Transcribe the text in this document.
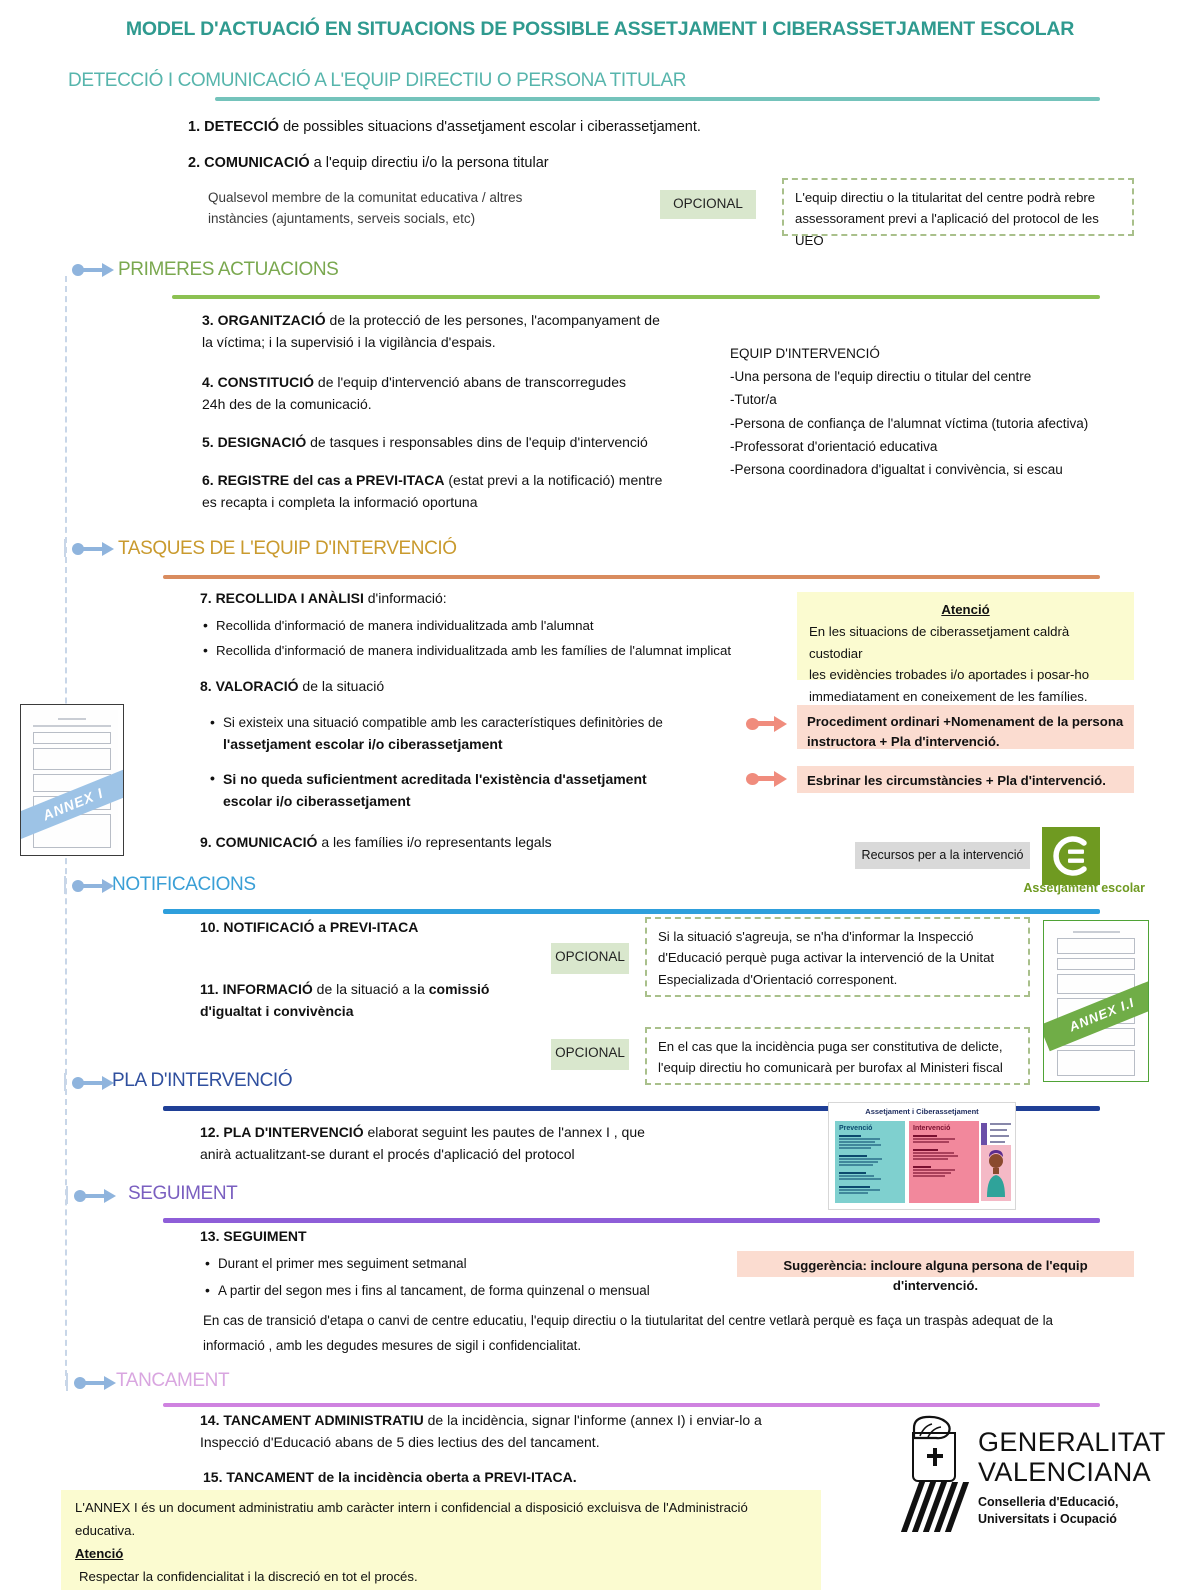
MODEL D'ACTUACIÓ EN SITUACIONS DE POSSIBLE ASSETJAMENT I CIBERASSETJAMENT ESCOLAR
DETECCIÓ I COMUNICACIÓ A L'EQUIP DIRECTIU O PERSONA TITULAR
1. DETECCIÓ de possibles situacions d'assetjament escolar i ciberassetjament.
2. COMUNICACIÓ a l'equip directiu i/o la persona titular
Qualsevol membre de la comunitat educativa / altres
instàncies (ajuntaments, serveis socials, etc)
OPCIONAL	L'equip directiu o la titularitat del centre podrà rebre
assessorament previ a l'aplicació del protocol de les UEO
PRIMERES ACTUACIONS
3. ORGANITZACIÓ de la protecció de les persones, l'acompanyament de
la víctima; i la supervisió i la vigilància d'espais.
4. CONSTITUCIÓ de l'equip d'intervenció abans de transcorregudes
24h des de la comunicació.
5. DESIGNACIÓ de tasques i responsables dins de l'equip d'intervenció
6. REGISTRE del cas a PREVI-ITACA (estat previ a la notificació) mentre
es recapta i completa la informació oportuna
EQUIP D'INTERVENCIÓ
-Una persona de l'equip directiu o titular del centre
-Tutor/a
-Persona de confiança de l'alumnat víctima (tutoria afectiva)
-Professorat d'orientació educativa
-Persona coordinadora d'igualtat i convivència, si escau
TASQUES DE L'EQUIP D'INTERVENCIÓ
7. RECOLLIDA I ANÀLISI d'informació:
• Recollida d'informació de manera individualitzada amb l'alumnat
• Recollida d'informació de manera individualitzada amb les famílies de l'alumnat implicat
8. VALORACIÓ de la situació
• Si existeix una situació compatible amb les característiques definitòries de
l'assetjament escolar i/o ciberassetjament
• Si no queda suficientment acreditada l'existència d'assetjament
escolar i/o ciberassetjament
9. COMUNICACIÓ a les famílies i/o representants legals
Atenció
En les situacions de ciberassetjament caldrà custodiar
les evidències trobades i/o aportades i posar-ho
immediatament en coneixement de les famílies.
Procediment ordinari +Nomenament de la persona
instructora + Pla d'intervenció.
Esbrinar les circumstàncies + Pla d'intervenció.
ANNEX I
Recursos per a la intervenció
Assetjament escolar
NOTIFICACIONS
10. NOTIFICACIÓ a PREVI-ITACA
11. INFORMACIÓ de la situació a la comissió
d'igualtat i convivència
OPCIONAL
Si la situació s'agreuja, se n'ha d'informar la Inspecció
d'Educació perquè puga activar la intervenció de la Unitat
Especializada d'Orientació corresponent.
OPCIONAL	En el cas que la incidència puga ser constitutiva de delicte,
l'equip directiu ho comunicarà per burofax al Ministeri fiscal
ANNEX I.I
PLA D'INTERVENCIÓ
12. PLA D'INTERVENCIÓ elaborat seguint les pautes de l'annex I , que
anirà actualitzant-se durant el procés d'aplicació del protocol
Assetjament i Ciberassetjament
Prevenció	Intervenció
SEGUIMENT
13. SEGUIMENT
• Durant el primer mes seguiment setmanal
• A partir del segon mes i fins al tancament, de forma quinzenal o mensual
Suggerència: incloure alguna persona de l'equip d'intervenció.
En cas de transició d'etapa o canvi de centre educatiu, l'equip directiu o la tiutularitat del centre vetlarà perquè es faça un traspàs adequat de la
informació , amb les degudes mesures de sigil i confidencialitat.
TANCAMENT
14. TANCAMENT ADMINISTRATIU de la incidència, signar l'informe (annex I) i enviar-lo a
Inspecció d'Educació abans de 5 dies lectius des del tancament.
15. TANCAMENT de la incidència oberta a PREVI-ITACA.
L'ANNEX I és un document administratiu amb caràcter intern i confidencial a disposició excluisva de l'Administració educativa.
Atenció
Respectar la confidencialitat i la discreció en tot el procés.
GENERALITAT
VALENCIANA
Conselleria d'Educació,
Universitats i Ocupació
